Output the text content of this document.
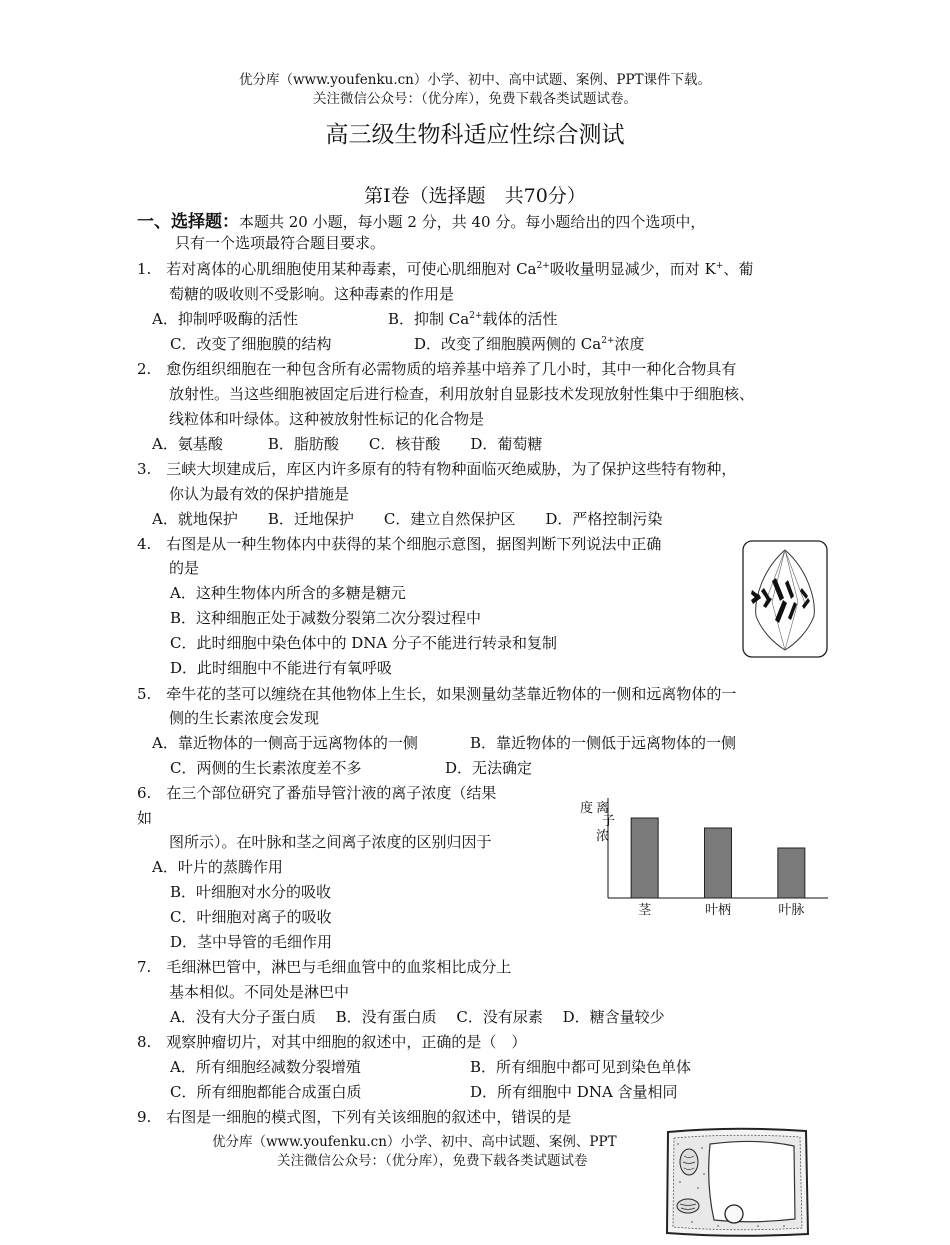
优分库（www.youfenku.cn）小学、初中、高中试题、案例、PPT课件下载。
关注微信公众号：（优分库），免费下载各类试题试卷。
高三级生物科适应性综合测试
第I卷（选择题　共70分）
一、选择题：本题共 20 小题，每小题 2 分，共 40 分。每小题给出的四个选项中，
只有一个选项最符合题目要求。
1.　若对离体的心肌细胞使用某种毒素，可使心肌细胞对 $Ca^{2+}$吸收量明显减少，而对 K+、葡
萄糖的吸收则不受影响。这种毒素的作用是
A．抑制呼吸酶的活性	B．抑制 $Ca^{2+}$载体的活性
C．改变了细胞膜的结构	D．改变了细胞膜两侧的 $Ca^{2+}$浓度
2.　愈伤组织细胞在一种包含所有必需物质的培养基中培养了几小时，其中一种化合物具有
放射性。当这些细胞被固定后进行检查，利用放射自显影技术发现放射性集中于细胞核、
线粒体和叶绿体。这种被放射性标记的化合物是
A．氨基酸　　　B．脂肪酸　　C．核苷酸　　D．葡萄糖
3.　三峡大坝建成后，库区内许多原有的特有物种面临灭绝威胁，为了保护这些特有物种，
你认为最有效的保护措施是
A．就地保护　　B．迁地保护　　C．建立自然保护区　　D．严格控制污染
4.　右图是从一种生物体内中获得的某个细胞示意图，据图判断下列说法中正确
的是
A．这种生物体内所含的多糖是糖元
B．这种细胞正处于减数分裂第二次分裂过程中
C．此时细胞中染色体中的 DNA 分子不能进行转录和复制
D．此时细胞中不能进行有氧呼吸
5.　牵牛花的茎可以缠绕在其他物体上生长，如果测量幼茎靠近物体的一侧和远离物体的一
侧的生长素浓度会发现
A．靠近物体的一侧高于远离物体的一侧	B．靠近物体的一侧低于远离物体的一侧
C．两侧的生长素浓度差不多	D．无法确定
6.　在三个部位研究了番茄导管汁液的离子浓度（结果
如
图所示）。在叶脉和茎之间离子浓度的区别归因于
A．叶片的蒸腾作用
B．叶细胞对水分的吸收
C．叶细胞对离子的吸收
D．茎中导管的毛细作用
离
子
浓
度
茎	叶柄	叶脉
7.　毛细淋巴管中，淋巴与毛细血管中的血浆相比成分上
基本相似。不同处是淋巴中
A．没有大分子蛋白质　 B．没有蛋白质　 C．没有尿素　 D．糖含量较少
8.　观察肿瘤切片，对其中细胞的叙述中，正确的是（　）
A．所有细胞经减数分裂增殖	B．所有细胞中都可见到染色单体
C．所有细胞都能合成蛋白质	D．所有细胞中 DNA 含量相同
9.　右图是一细胞的模式图，下列有关该细胞的叙述中，错误的是
优分库（www.youfenku.cn）小学、初中、高中试题、案例、PPT
关注微信公众号：（优分库），免费下载各类试题试卷
